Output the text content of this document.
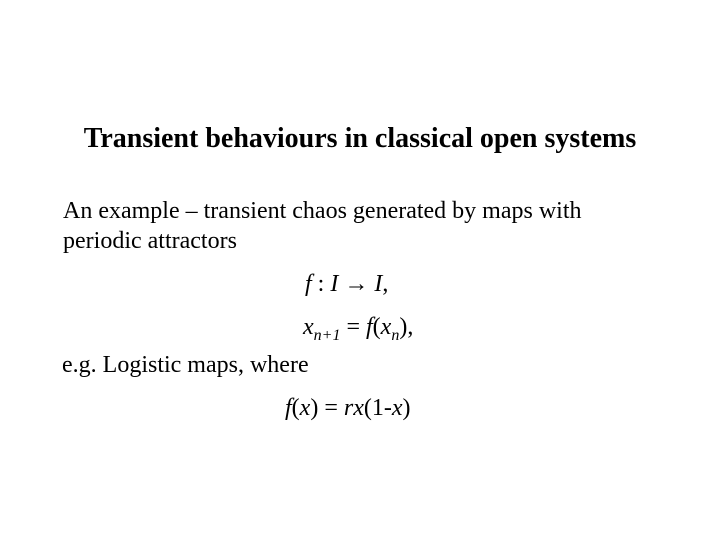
Transient behaviours in classical open systems
An example – transient chaos generated by maps with
periodic attractors
f : I → I,
$x_{n+1} = f(x_n)$,
e.g. Logistic maps, where
f(x) = rx(1-x)
